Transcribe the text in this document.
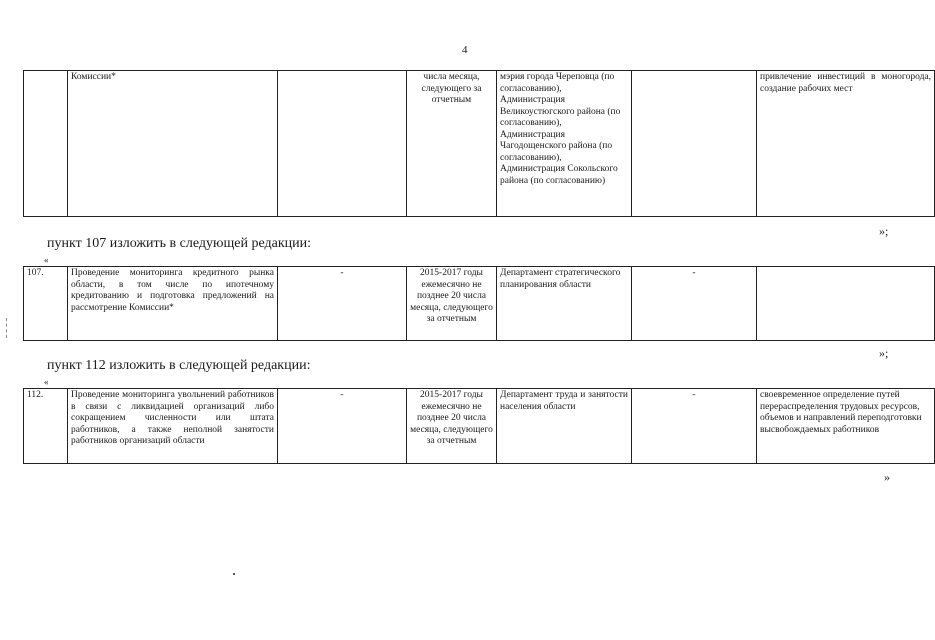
4
	Комиссии*		числа месяца, следующего за отчетным	мэрия города Череповца (по согласованию), Администрация Великоустюгского района (по согласованию), Администрация Чагодощенского района (по согласованию), Администрация Сокольского района (по согласованию)		привлечение инвестиций в моногорода, создание рабочих мест
»;
пункт 107 изложить в следующей редакции:
«
107.	Проведение мониторинга кредитного рынка области, в том числе по ипотечному кредитованию и подготовка предложений на рассмотрение Комиссии*	-	2015-2017 годы ежемесячно не позднее 20 числа месяца, следующего за отчетным	Департамент стратегического планирования области	-	
»;
пункт 112 изложить в следующей редакции:
«
112.	Проведение мониторинга увольнений работников в связи с ликвидацией организаций либо сокращением численности или штата работников, а также неполной занятости работников организаций области	-	2015-2017 годы ежемесячно не позднее 20 числа месяца, следующего за отчетным	Департамент труда и занятости населения области	-	своевременное определение путей перераспределения трудовых ресурсов, объемов и направлений переподготовки высвобождаемых работников
»
